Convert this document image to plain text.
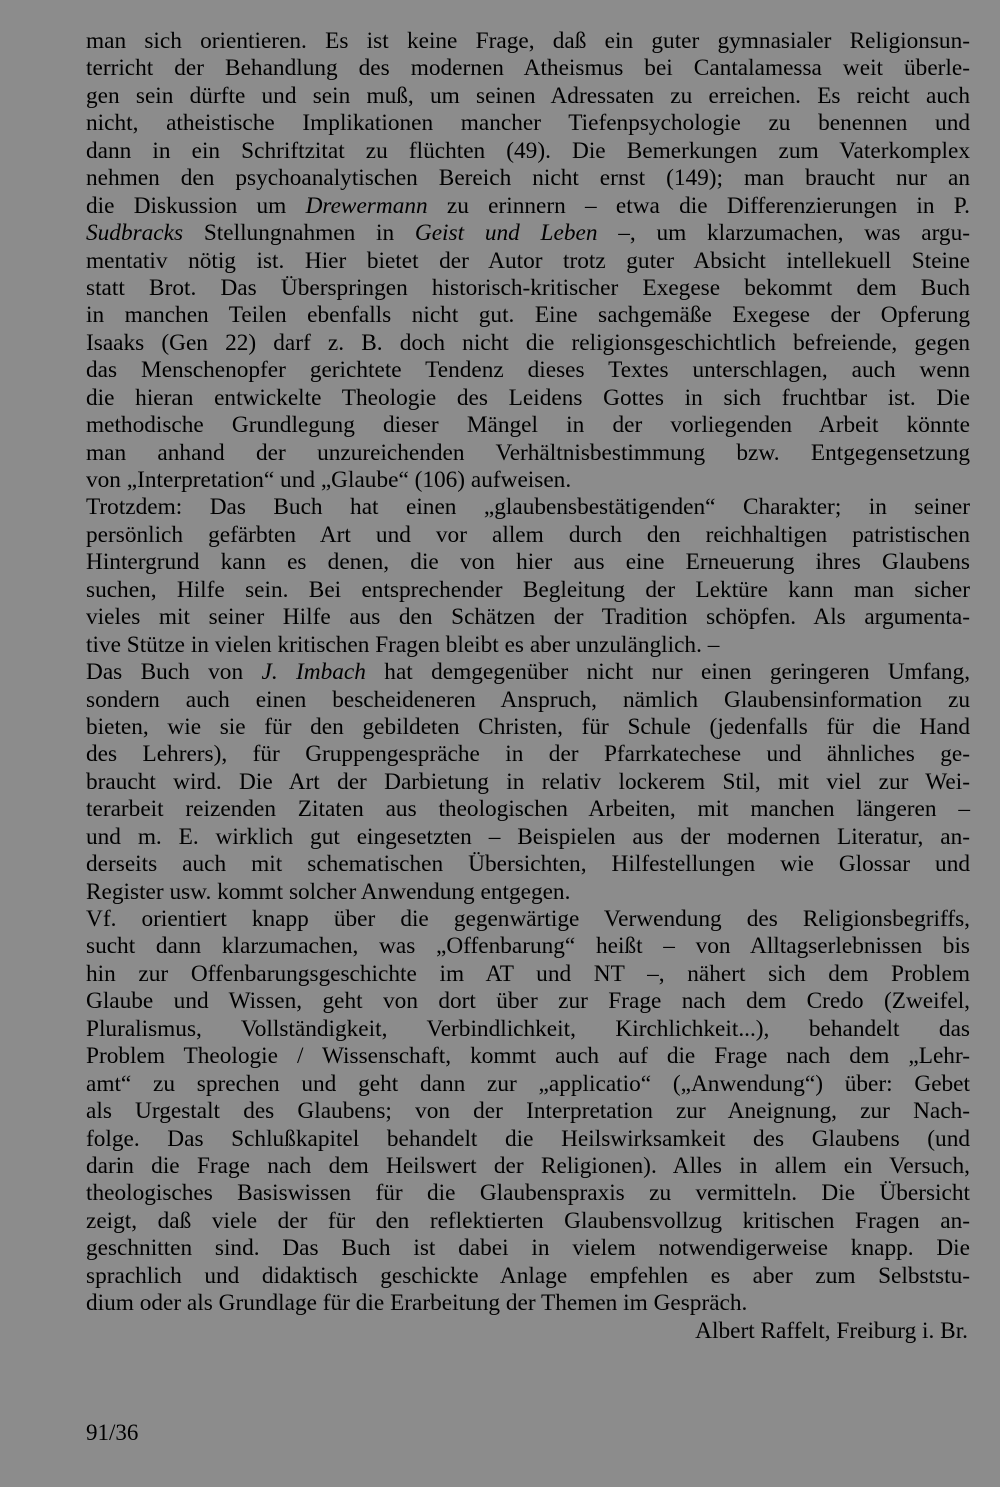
man sich orientieren. Es ist keine Frage, daß ein guter gymnasialer Religionsun-
terricht der Behandlung des modernen Atheismus bei Cantalamessa weit überle-
gen sein dürfte und sein muß, um seinen Adressaten zu erreichen. Es reicht auch
nicht, atheistische Implikationen mancher Tiefenpsychologie zu benennen und
dann in ein Schriftzitat zu flüchten (49). Die Bemerkungen zum Vaterkomplex
nehmen den psychoanalytischen Bereich nicht ernst (149); man braucht nur an
die Diskussion um Drewermann zu erinnern – etwa die Differenzierungen in P.
Sudbracks Stellungnahmen in Geist und Leben –, um klarzumachen, was argu-
mentativ nötig ist. Hier bietet der Autor trotz guter Absicht intellekuell Steine
statt Brot. Das Überspringen historisch-kritischer Exegese bekommt dem Buch
in manchen Teilen ebenfalls nicht gut. Eine sachgemäße Exegese der Opferung
Isaaks (Gen 22) darf z. B. doch nicht die religionsgeschichtlich befreiende, gegen
das Menschenopfer gerichtete Tendenz dieses Textes unterschlagen, auch wenn
die hieran entwickelte Theologie des Leidens Gottes in sich fruchtbar ist. Die
methodische Grundlegung dieser Mängel in der vorliegenden Arbeit könnte
man anhand der unzureichenden Verhältnisbestimmung bzw. Entgegensetzung
von „Interpretation“ und „Glaube“ (106) aufweisen.
Trotzdem: Das Buch hat einen „glaubensbestätigenden“ Charakter; in seiner
persönlich gefärbten Art und vor allem durch den reichhaltigen patristischen
Hintergrund kann es denen, die von hier aus eine Erneuerung ihres Glaubens
suchen, Hilfe sein. Bei entsprechender Begleitung der Lektüre kann man sicher
vieles mit seiner Hilfe aus den Schätzen der Tradition schöpfen. Als argumenta-
tive Stütze in vielen kritischen Fragen bleibt es aber unzulänglich. –
Das Buch von J. Imbach hat demgegenüber nicht nur einen geringeren Umfang,
sondern auch einen bescheideneren Anspruch, nämlich Glaubensinformation zu
bieten, wie sie für den gebildeten Christen, für Schule (jedenfalls für die Hand
des Lehrers), für Gruppengespräche in der Pfarrkatechese und ähnliches ge-
braucht wird. Die Art der Darbietung in relativ lockerem Stil, mit viel zur Wei-
terarbeit reizenden Zitaten aus theologischen Arbeiten, mit manchen längeren –
und m. E. wirklich gut eingesetzten – Beispielen aus der modernen Literatur, an-
derseits auch mit schematischen Übersichten, Hilfestellungen wie Glossar und
Register usw. kommt solcher Anwendung entgegen.
Vf. orientiert knapp über die gegenwärtige Verwendung des Religionsbegriffs,
sucht dann klarzumachen, was „Offenbarung“ heißt – von Alltagserlebnissen bis
hin zur Offenbarungsgeschichte im AT und NT –, nähert sich dem Problem
Glaube und Wissen, geht von dort über zur Frage nach dem Credo (Zweifel,
Pluralismus, Vollständigkeit, Verbindlichkeit, Kirchlichkeit...), behandelt das
Problem Theologie / Wissenschaft, kommt auch auf die Frage nach dem „Lehr-
amt“ zu sprechen und geht dann zur „applicatio“ („Anwendung“) über: Gebet
als Urgestalt des Glaubens; von der Interpretation zur Aneignung, zur Nach-
folge. Das Schlußkapitel behandelt die Heilswirksamkeit des Glaubens (und
darin die Frage nach dem Heilswert der Religionen). Alles in allem ein Versuch,
theologisches Basiswissen für die Glaubenspraxis zu vermitteln. Die Übersicht
zeigt, daß viele der für den reflektierten Glaubensvollzug kritischen Fragen an-
geschnitten sind. Das Buch ist dabei in vielem notwendigerweise knapp. Die
sprachlich und didaktisch geschickte Anlage empfehlen es aber zum Selbststu-
dium oder als Grundlage für die Erarbeitung der Themen im Gespräch.
Albert Raffelt, Freiburg i. Br.
91/36
